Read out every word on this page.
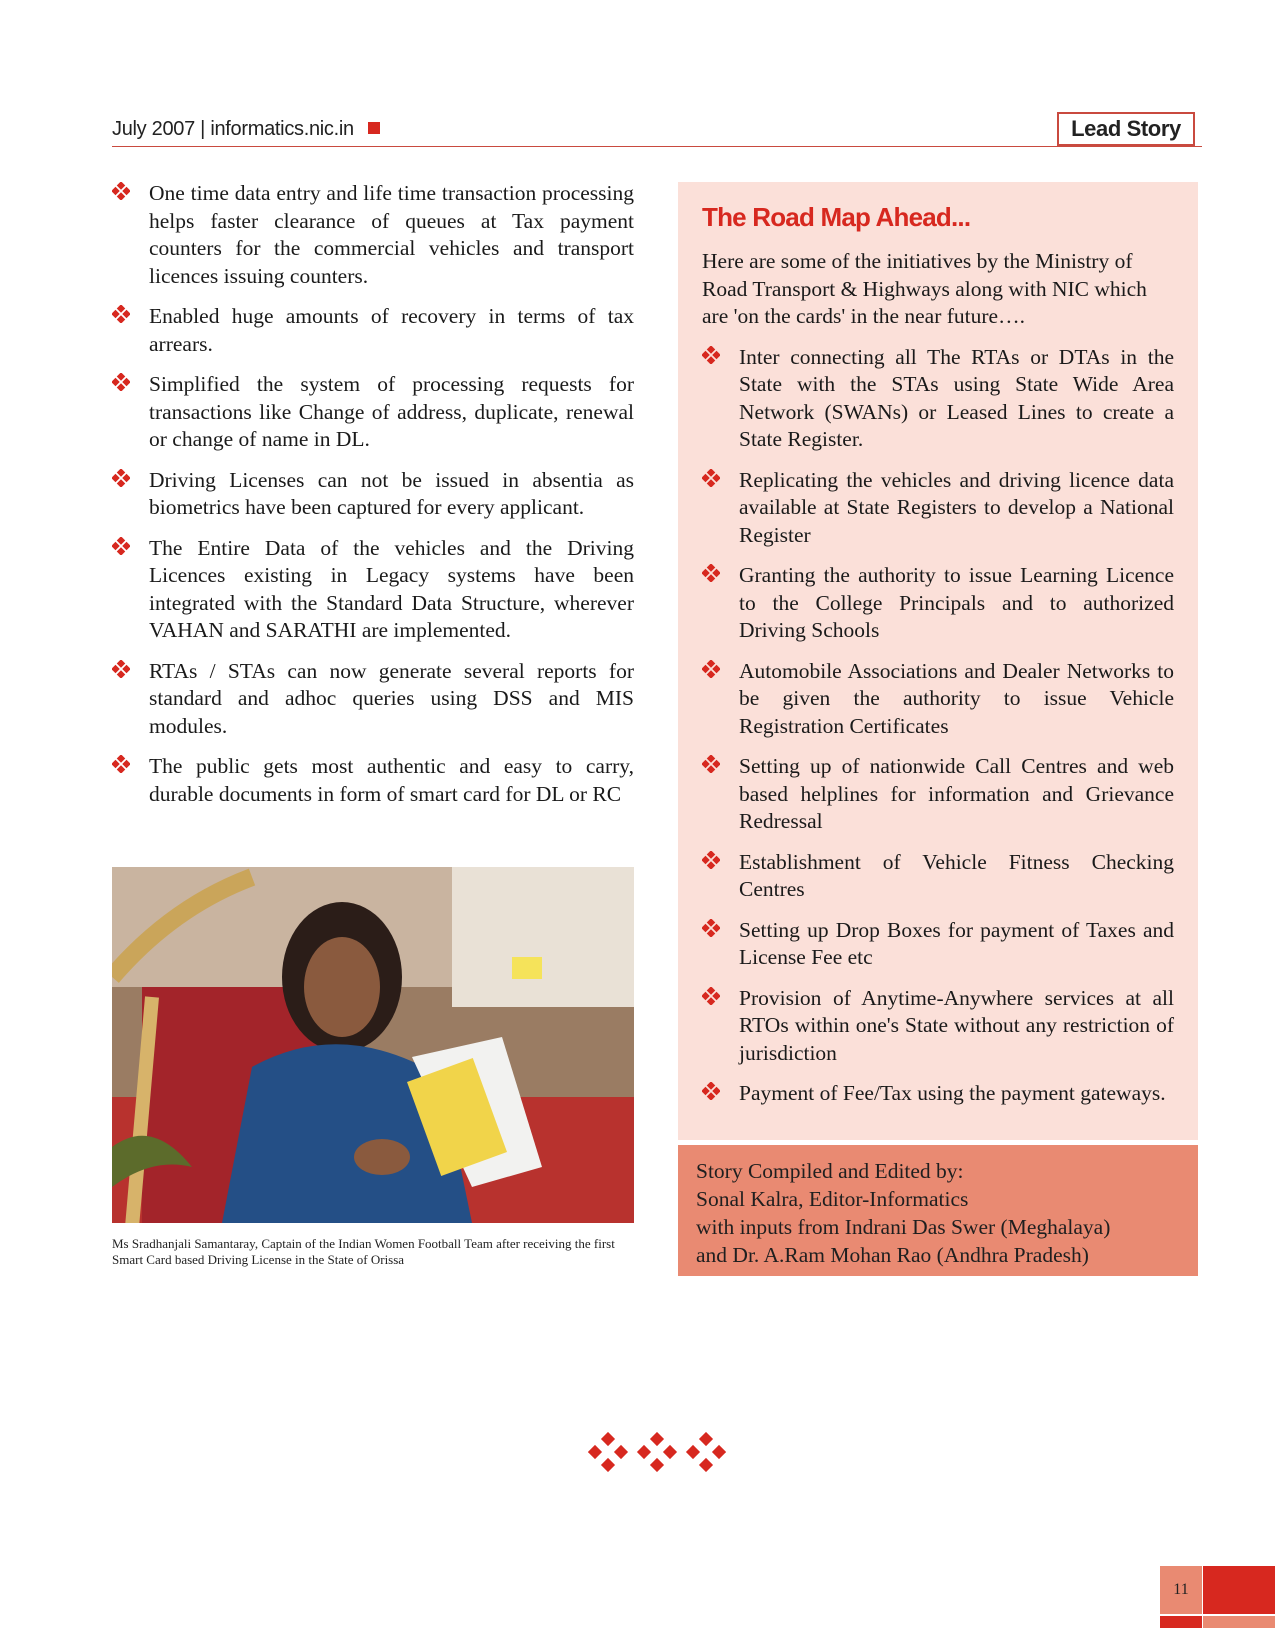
July 2007 | informatics.nic.in	Lead Story
One time data entry and life time transaction processing helps faster clearance of queues at Tax payment counters for the commercial vehicles and transport licences issuing counters.
Enabled huge amounts of recovery in terms of tax arrears.
Simplified the system of processing requests for transactions like Change of address, duplicate, renewal or change of name in DL.
Driving Licenses can not be issued in absentia as biometrics have been captured for every applicant.
The Entire Data of the vehicles and the Driving Licences existing in Legacy systems have been integrated with the Standard Data Structure, wherever VAHAN and SARATHI are implemented.
RTAs / STAs can now generate several reports for standard and adhoc queries using DSS and MIS modules.
The public gets most authentic and easy to carry, durable documents in form of smart card for DL or RC
Ms Sradhanjali Samantaray, Captain of the Indian Women Football Team after receiving the first Smart Card based Driving License in the State of Orissa
The Road Map Ahead...

Here are some of the initiatives by the Ministry of Road Transport & Highways along with NIC which are 'on the cards' in the near future….

Inter connecting all The RTAs or DTAs in the State with the STAs using State Wide Area Network (SWANs) or Leased Lines to create a State Register.
Replicating the vehicles and driving licence data available at State Registers to develop a National Register
Granting the authority to issue Learning Licence to the College Principals and to authorized Driving Schools
Automobile Associations and Dealer Networks to be given the authority to issue Vehicle Registration Certificates
Setting up of nationwide Call Centres and web based helplines for information and Grievance Redressal
Establishment of Vehicle Fitness Checking Centres
Setting up Drop Boxes for payment of Taxes and License Fee etc
Provision of Anytime-Anywhere services at all RTOs within one's State without any restriction of jurisdiction
Payment of Fee/Tax using the payment gateways.
Story Compiled and Edited by:
Sonal Kalra, Editor-Informatics
with inputs from Indrani Das Swer (Meghalaya)
and Dr. A.Ram Mohan Rao (Andhra Pradesh)
11
